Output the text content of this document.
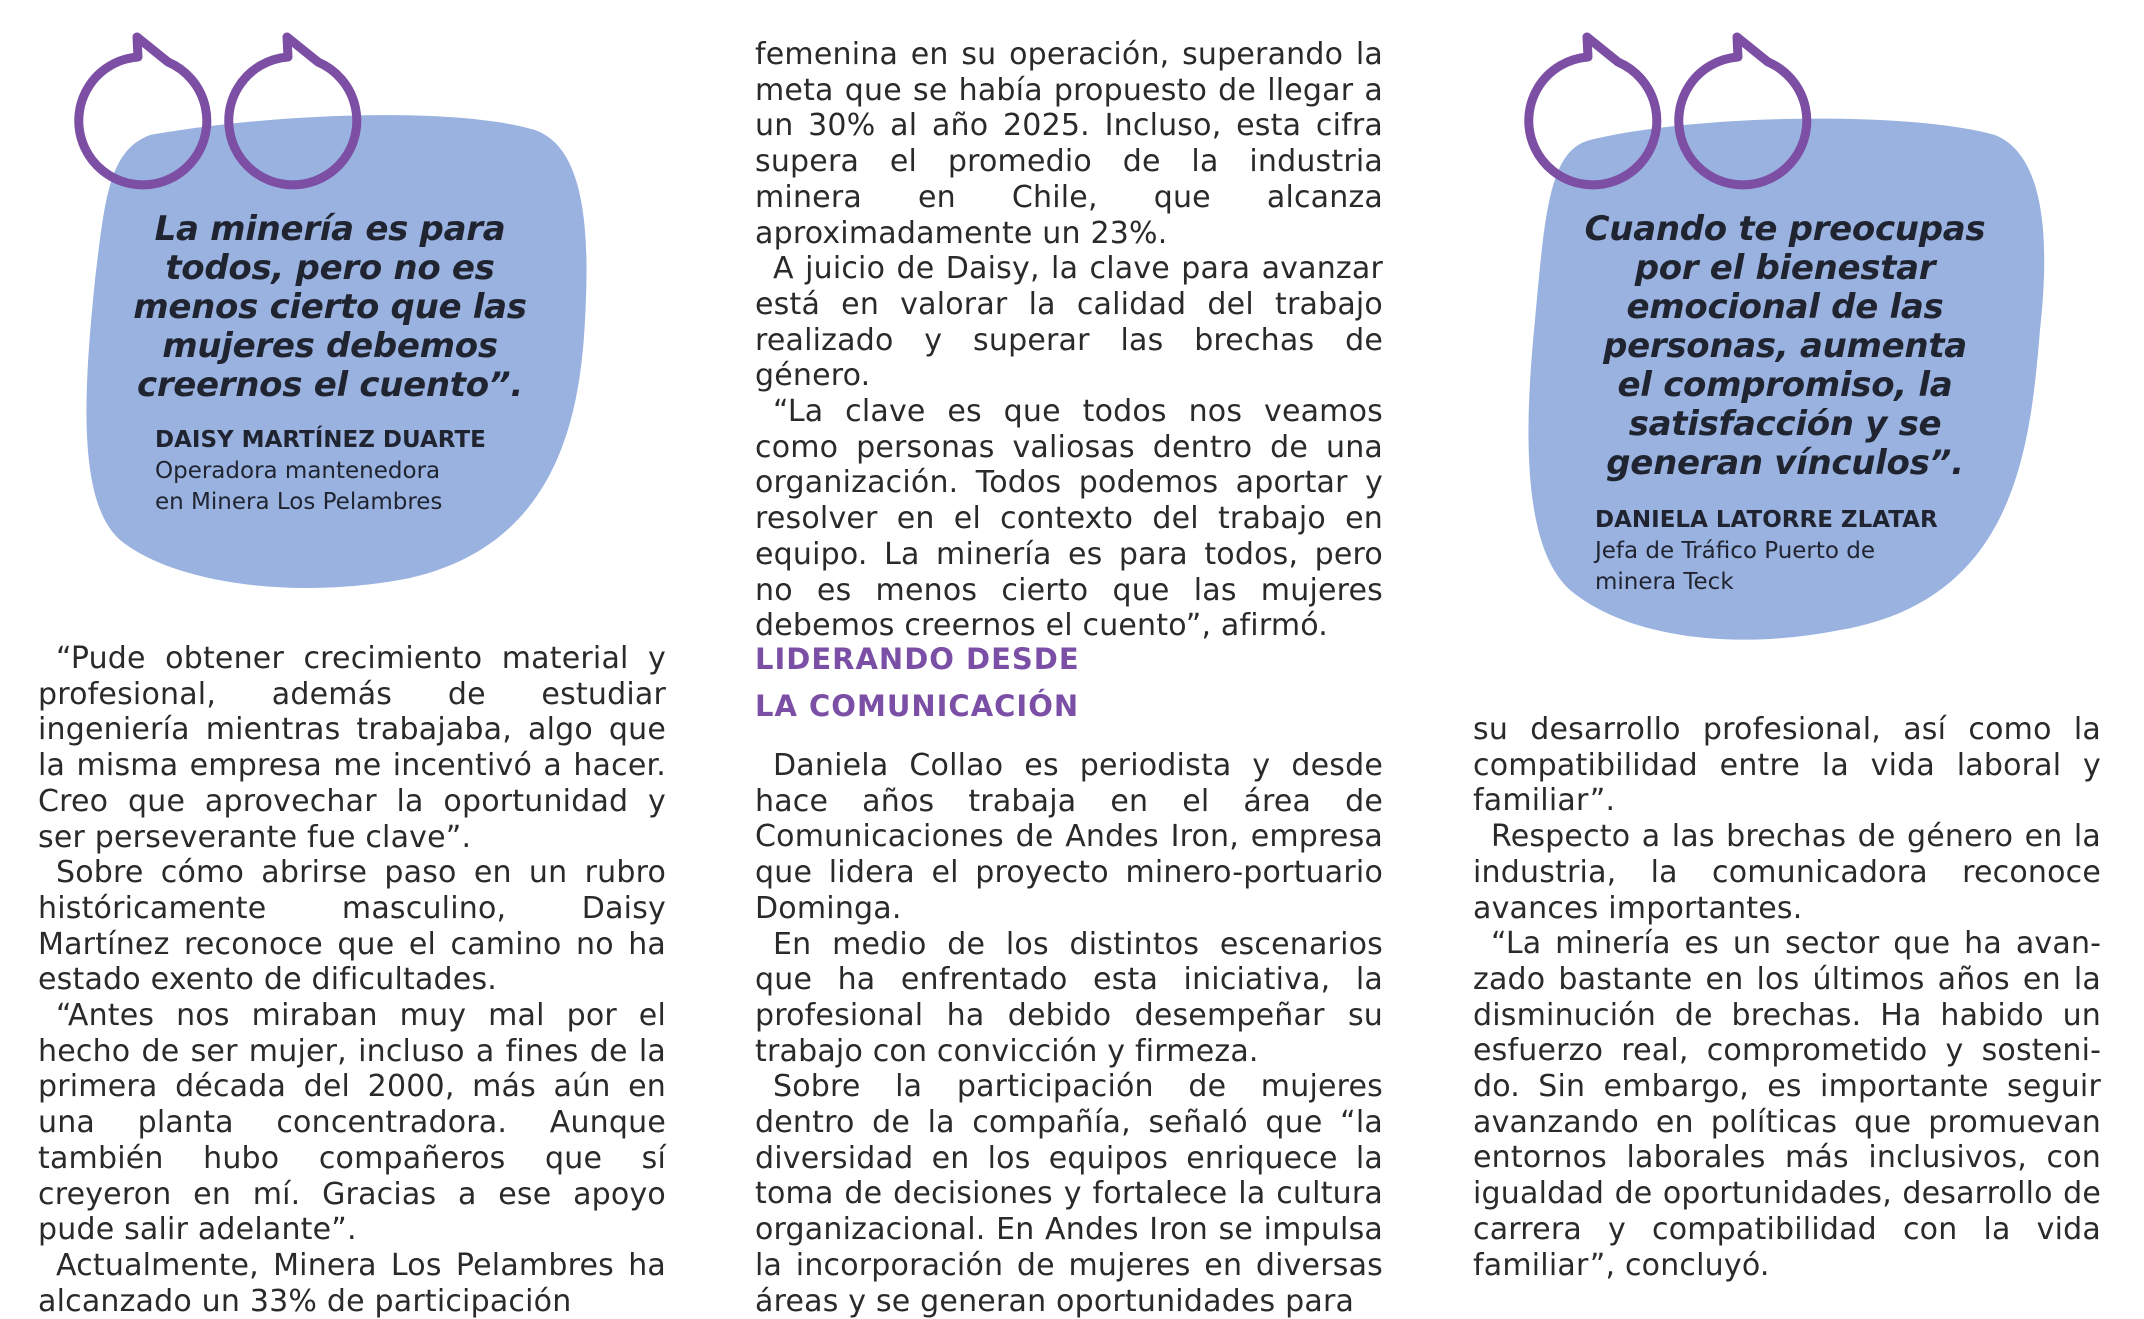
La minería es para
todos, pero no es
menos cierto que las
mujeres debemos
creernos el cuento”.
DAISY MARTÍNEZ DUARTE
Operadora mantenedora
en Minera Los Pelambres
Cuando te preocupas
por el bienestar
emocional de las
personas, aumenta
el compromiso, la
satisfacción y se
generan vínculos”.
DANIELA LATORRE ZLATAR
Jefa de Tráfico Puerto de
minera Teck

“Pude obtener crecimiento material y profesional, además de estudiar ingeniería mientras trabajaba, algo que la misma empresa me incentivó a hacer. Creo que aprovechar la oportunidad y ser perseverante fue clave”.

Sobre cómo abrirse paso en un rubro históricamente masculino, Daisy Martínez reconoce que el camino no ha estado exento de dificultades.

“Antes nos miraban muy mal por el hecho de ser mujer, incluso a fines de la primera década del 2000, más aún en una planta concentradora. Aunque también hubo compañeros que sí creyeron en mí. Gracias a ese apoyo pude salir adelante”.

Actualmente, Minera Los Pelambres ha alcanzado un 33% de participación

femenina en su operación, superando la meta que se había propuesto de llegar a un 30% al año 2025. Incluso, esta cifra supera el promedio de la industria minera en Chile, que alcanza aproximadamente un 23%.

A juicio de Daisy, la clave para avanzar está en valorar la calidad del trabajo realizado y superar las brechas de género.

“La clave es que todos nos veamos como personas valiosas dentro de una organización. Todos podemos aportar y resolver en el contexto del trabajo en equipo. La minería es para todos, pero no es menos cierto que las mujeres debemos creernos el cuento”, afirmó.

LIDERANDO DESDE
LA COMUNICACIÓN

Daniela Collao es periodista y desde hace años trabaja en el área de Comunicaciones de Andes Iron, empresa que lidera el proyecto minero-portuario Dominga.

En medio de los distintos escenarios que ha enfrentado esta iniciativa, la profesional ha debido desempeñar su trabajo con convicción y firmeza.

Sobre la participación de mujeres dentro de la compañía, señaló que “la diversidad en los equipos enriquece la toma de decisiones y fortalece la cultura organizacional. En Andes Iron se impulsa la incorporación de mujeres en diversas áreas y se generan oportunidades para

su desarrollo profesional, así como la compatibilidad entre la vida laboral y familiar”.

Respecto a las brechas de género en la industria, la comunicadora reconoce avances importantes.

“La minería es un sector que ha avanzado bastante en los últimos años en la disminución de brechas. Ha habido un esfuerzo real, comprometido y sostenido. Sin embargo, es importante seguir avanzando en políticas que promuevan entornos laborales más inclusivos, con igualdad de oportunidades, desarrollo de carrera y compatibilidad con la vida familiar”, concluyó.
